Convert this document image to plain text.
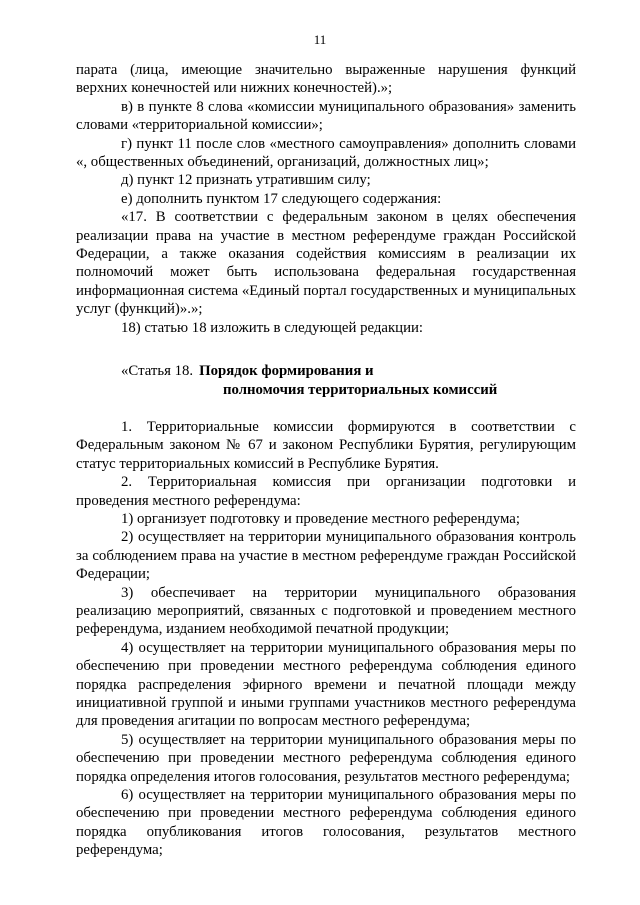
11

парата (лица, имеющие значительно выраженные нарушения функций верхних конечностей или нижних конечностей).»;

в) в пункте 8 слова «комиссии муниципального образования» заменить словами «территориальной комиссии»;

г) пункт 11 после слов «местного самоуправления» дополнить словами «, общественных объединений, организаций, должностных лиц»;

д) пункт 12 признать утратившим силу;

е) дополнить пунктом 17 следующего содержания:

«17. В соответствии с федеральным законом в целях обеспечения реализации права на участие в местном референдуме граждан Российской Федерации, а также оказания содействия комиссиям в реализации их полномочий может быть использована федеральная государственная информационная система «Единый портал государственных и муниципальных услуг (функций)».»;

18) статью 18 изложить в следующей редакции:

«Статья 18. Порядок формирования и
полномочия территориальных комиссий

1. Территориальные комиссии формируются в соответствии с Федеральным законом № 67 и законом Республики Бурятия, регулирующим статус территориальных комиссий в Республике Бурятия.

2. Территориальная комиссия при организации подготовки и проведения местного референдума:

1) организует подготовку и проведение местного референдума;

2) осуществляет на территории муниципального образования контроль за соблюдением права на участие в местном референдуме граждан Российской Федерации;

3) обеспечивает на территории муниципального образования реализацию мероприятий, связанных с подготовкой и проведением местного референдума, изданием необходимой печатной продукции;

4) осуществляет на территории муниципального образования меры по обеспечению при проведении местного референдума соблюдения единого порядка распределения эфирного времени и печатной площади между инициативной группой и иными группами участников местного референдума для проведения агитации по вопросам местного референдума;

5) осуществляет на территории муниципального образования меры по обеспечению при проведении местного референдума соблюдения единого порядка определения итогов голосования, результатов местного референдума;

6) осуществляет на территории муниципального образования меры по обеспечению при проведении местного референдума соблюдения единого порядка опубликования итогов голосования, результатов местного референдума;
